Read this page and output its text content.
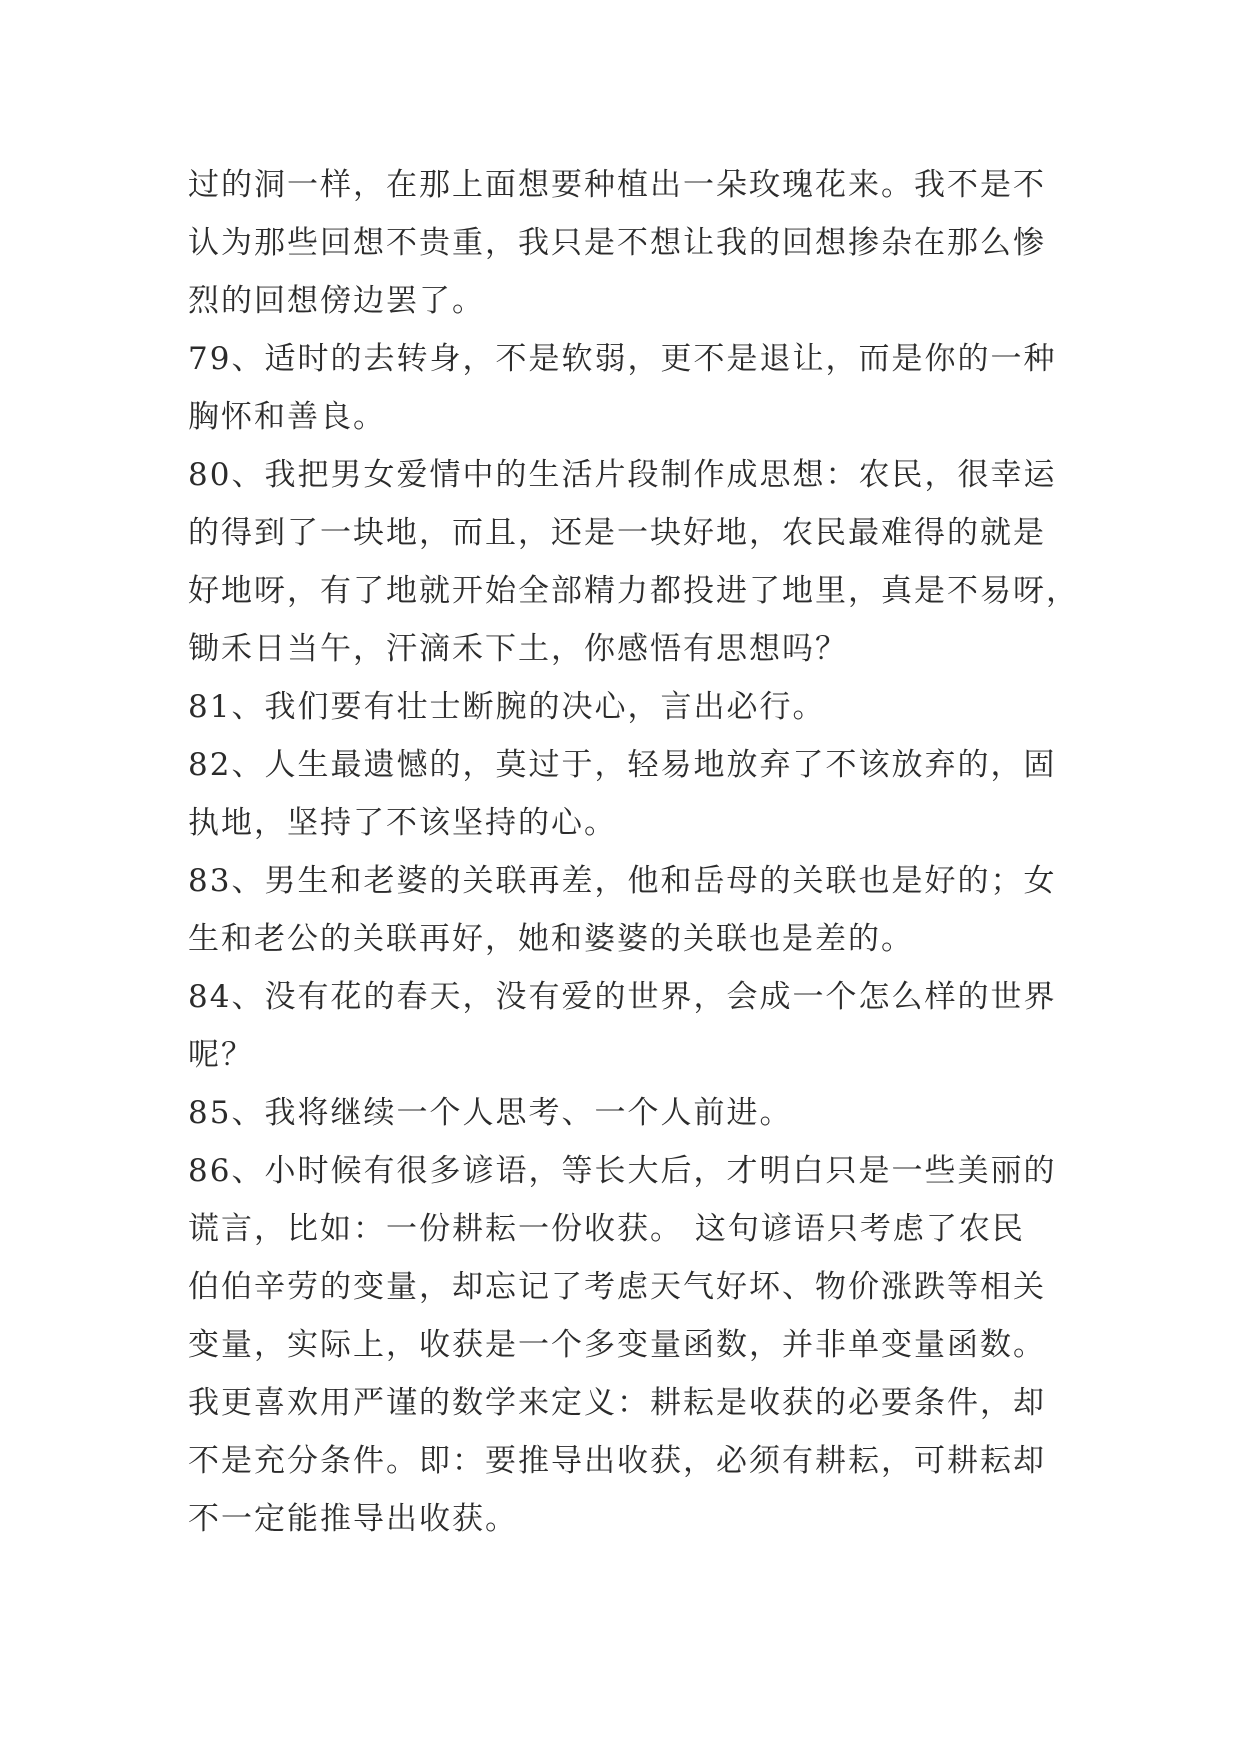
过的洞一样，在那上面想要种植出一朵玫瑰花来。我不是不
认为那些回想不贵重，我只是不想让我的回想掺杂在那么惨
烈的回想傍边罢了。
79、适时的去转身，不是软弱，更不是退让，而是你的一种
胸怀和善良。
80、我把男女爱情中的生活片段制作成思想：农民，很幸运
的得到了一块地，而且，还是一块好地，农民最难得的就是
好地呀，有了地就开始全部精力都投进了地里，真是不易呀，
锄禾日当午，汗滴禾下土，你感悟有思想吗？
81、我们要有壮士断腕的决心，言出必行。
82、人生最遗憾的，莫过于，轻易地放弃了不该放弃的，固
执地，坚持了不该坚持的心。
83、男生和老婆的关联再差，他和岳母的关联也是好的；女
生和老公的关联再好，她和婆婆的关联也是差的。
84、没有花的春天，没有爱的世界，会成一个怎么样的世界
呢？
85、我将继续一个人思考、一个人前进。
86、小时候有很多谚语，等长大后，才明白只是一些美丽的
谎言，比如：一份耕耘一份收获。 这句谚语只考虑了农民
伯伯辛劳的变量，却忘记了考虑天气好坏、物价涨跌等相关
变量，实际上，收获是一个多变量函数，并非单变量函数。
我更喜欢用严谨的数学来定义：耕耘是收获的必要条件，却
不是充分条件。即：要推导出收获，必须有耕耘，可耕耘却
不一定能推导出收获。
